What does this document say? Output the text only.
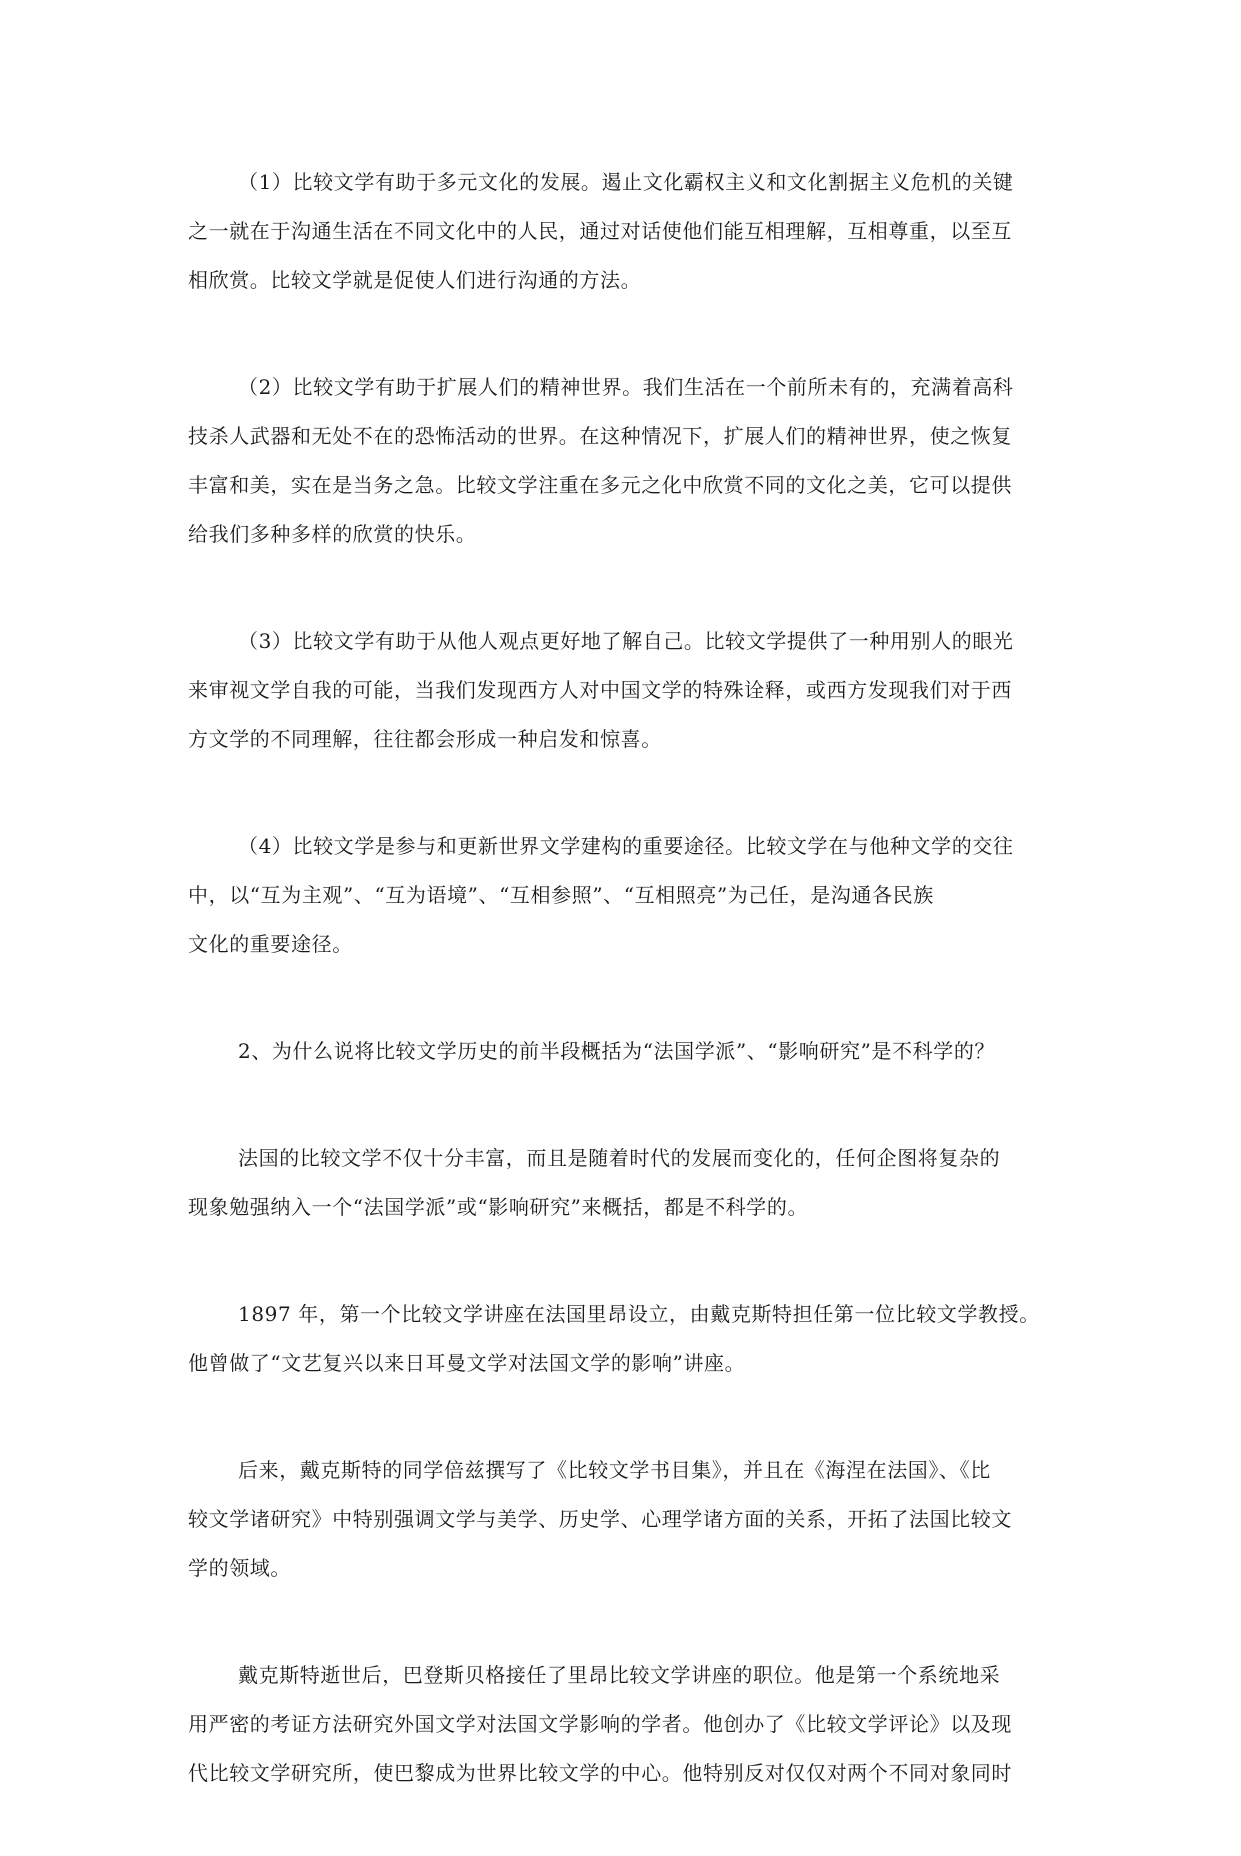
（1）比较文学有助于多元文化的发展。遏止文化霸权主义和文化割据主义危机的关键
之一就在于沟通生活在不同文化中的人民，通过对话使他们能互相理解，互相尊重，以至互
相欣赏。比较文学就是促使人们进行沟通的方法。
（2）比较文学有助于扩展人们的精神世界。我们生活在一个前所未有的，充满着高科
技杀人武器和无处不在的恐怖活动的世界。在这种情况下，扩展人们的精神世界，使之恢复
丰富和美，实在是当务之急。比较文学注重在多元之化中欣赏不同的文化之美，它可以提供
给我们多种多样的欣赏的快乐。
（3）比较文学有助于从他人观点更好地了解自己。比较文学提供了一种用别人的眼光
来审视文学自我的可能，当我们发现西方人对中国文学的特殊诠释，或西方发现我们对于西
方文学的不同理解，往往都会形成一种启发和惊喜。
（4）比较文学是参与和更新世界文学建构的重要途径。比较文学在与他种文学的交往
中，以“互为主观”、“互为语境”、“互相参照”、“互相照亮”为己任，是沟通各民族
文化的重要途径。
2、为什么说将比较文学历史的前半段概括为“法国学派”、“影响研究”是不科学的？
法国的比较文学不仅十分丰富，而且是随着时代的发展而变化的，任何企图将复杂的
现象勉强纳入一个“法国学派”或“影响研究”来概括，都是不科学的。
1897 年，第一个比较文学讲座在法国里昂设立，由戴克斯特担任第一位比较文学教授。
他曾做了“文艺复兴以来日耳曼文学对法国文学的影响”讲座。
后来，戴克斯特的同学倍兹撰写了《比较文学书目集》，并且在《海涅在法国》、《比
较文学诸研究》中特别强调文学与美学、历史学、心理学诸方面的关系，开拓了法国比较文
学的领域。
戴克斯特逝世后，巴登斯贝格接任了里昂比较文学讲座的职位。他是第一个系统地采
用严密的考证方法研究外国文学对法国文学影响的学者。他创办了《比较文学评论》以及现
代比较文学研究所，使巴黎成为世界比较文学的中心。他特别反对仅仅对两个不同对象同时
